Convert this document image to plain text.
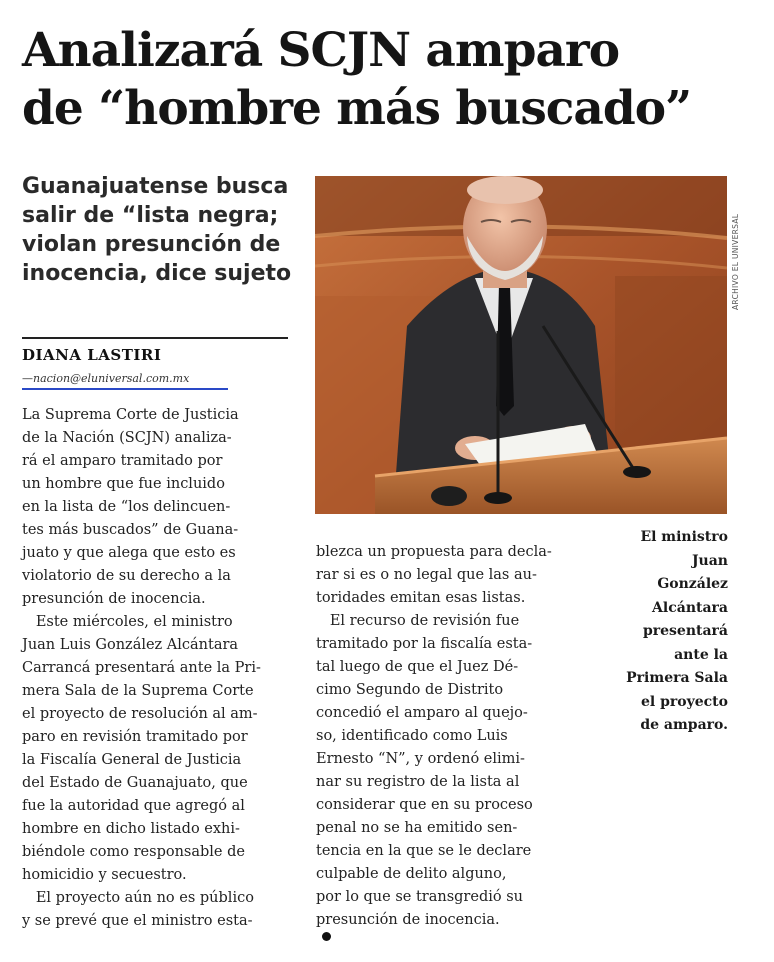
Analizará SCJN amparo
de “hombre más buscado”
Guanajuatense busca
salir de “lista negra;
violan presunción de
inocencia, dice sujeto

DIANA LASTIRI

—nacion@eluniversal.com.mx
La Suprema Corte de Justicia
de la Nación (SCJN) analiza-
rá el amparo tramitado por
un hombre que fue incluido
en la lista de “los delincuen-
tes más buscados” de Guana-
juato y que alega que esto es
violatorio de su derecho a la
presunción de inocencia.
Este miércoles, el ministro
Juan Luis González Alcántara
Carrancá presentará ante la Pri-
mera Sala de la Suprema Corte
el proyecto de resolución al am-
paro en revisión tramitado por
la Fiscalía General de Justicia
del Estado de Guanajuato, que
fue la autoridad que agregó al
hombre en dicho listado exhi-
biéndole como responsable de
homicidio y secuestro.
El proyecto aún no es público
y se prevé que el ministro esta-
ARCHIVO EL UNIVERSAL
El ministro
Juan
González
Alcántara
presentará
ante la
Primera Sala
el proyecto
de amparo.
blezca un propuesta para decla-
rar si es o no legal que las au-
toridades emitan esas listas.
El recurso de revisión fue
tramitado por la fiscalía esta-
tal luego de que el Juez Dé-
cimo Segundo de Distrito
concedió el amparo al quejo-
so, identificado como Luis
Ernesto “N”, y ordenó elimi-
nar su registro de la lista al
considerar que en su proceso
penal no se ha emitido sen-
tencia en la que se le declare
culpable de delito alguno,
por lo que se transgredió su
presunción de inocencia.
